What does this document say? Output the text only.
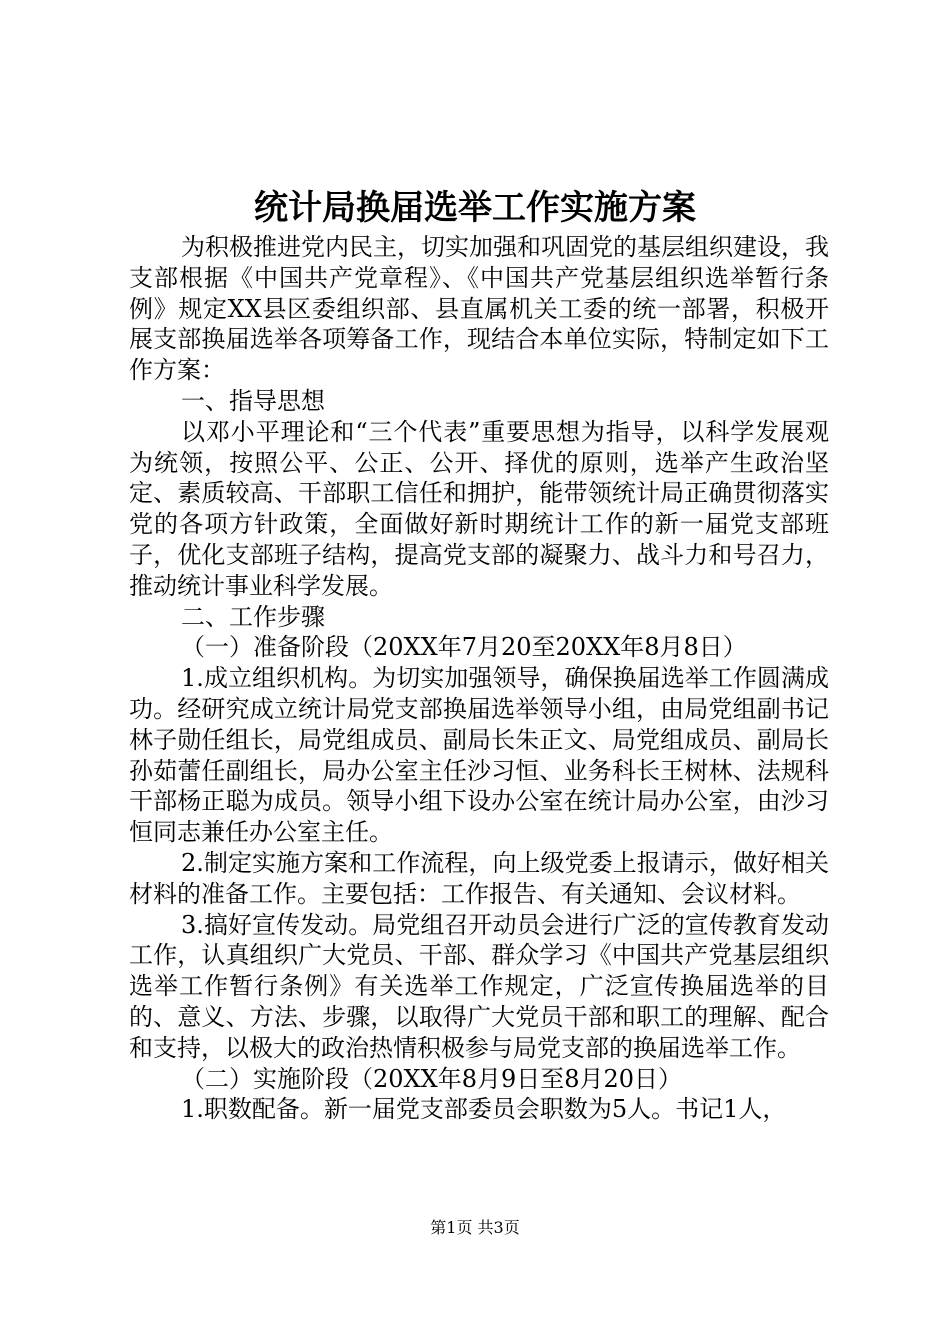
统计局换届选举工作实施方案

为积极推进党内民主，切实加强和巩固党的基层组织建设，我支部根据《中国共产党章程》、《中国共产党基层组织选举暂行条例》规定XX县区委组织部、县直属机关工委的统一部署，积极开展支部换届选举各项筹备工作，现结合本单位实际，特制定如下工作方案：

一、指导思想

以邓小平理论和“三个代表”重要思想为指导，以科学发展观为统领，按照公平、公正、公开、择优的原则，选举产生政治坚定、素质较高、干部职工信任和拥护，能带领统计局正确贯彻落实党的各项方针政策，全面做好新时期统计工作的新一届党支部班子，优化支部班子结构，提高党支部的凝聚力、战斗力和号召力，推动统计事业科学发展。

二、工作步骤

（一）准备阶段（20XX年7月20至20XX年8月8日）

1.成立组织机构。为切实加强领导，确保换届选举工作圆满成功。经研究成立统计局党支部换届选举领导小组，由局党组副书记林子勋任组长，局党组成员、副局长朱正文、局党组成员、副局长孙茹蕾任副组长，局办公室主任沙习恒、业务科长王树林、法规科干部杨正聪为成员。领导小组下设办公室在统计局办公室，由沙习恒同志兼任办公室主任。

2.制定实施方案和工作流程，向上级党委上报请示，做好相关材料的准备工作。主要包括：工作报告、有关通知、会议材料。

3.搞好宣传发动。局党组召开动员会进行广泛的宣传教育发动工作，认真组织广大党员、干部、群众学习《中国共产党基层组织选举工作暂行条例》有关选举工作规定，广泛宣传换届选举的目的、意义、方法、步骤，以取得广大党员干部和职工的理解、配合和支持，以极大的政治热情积极参与局党支部的换届选举工作。

（二）实施阶段（20XX年8月9日至8月20日）

1.职数配备。新一届党支部委员会职数为5人。书记1人，

第1页 共3页
